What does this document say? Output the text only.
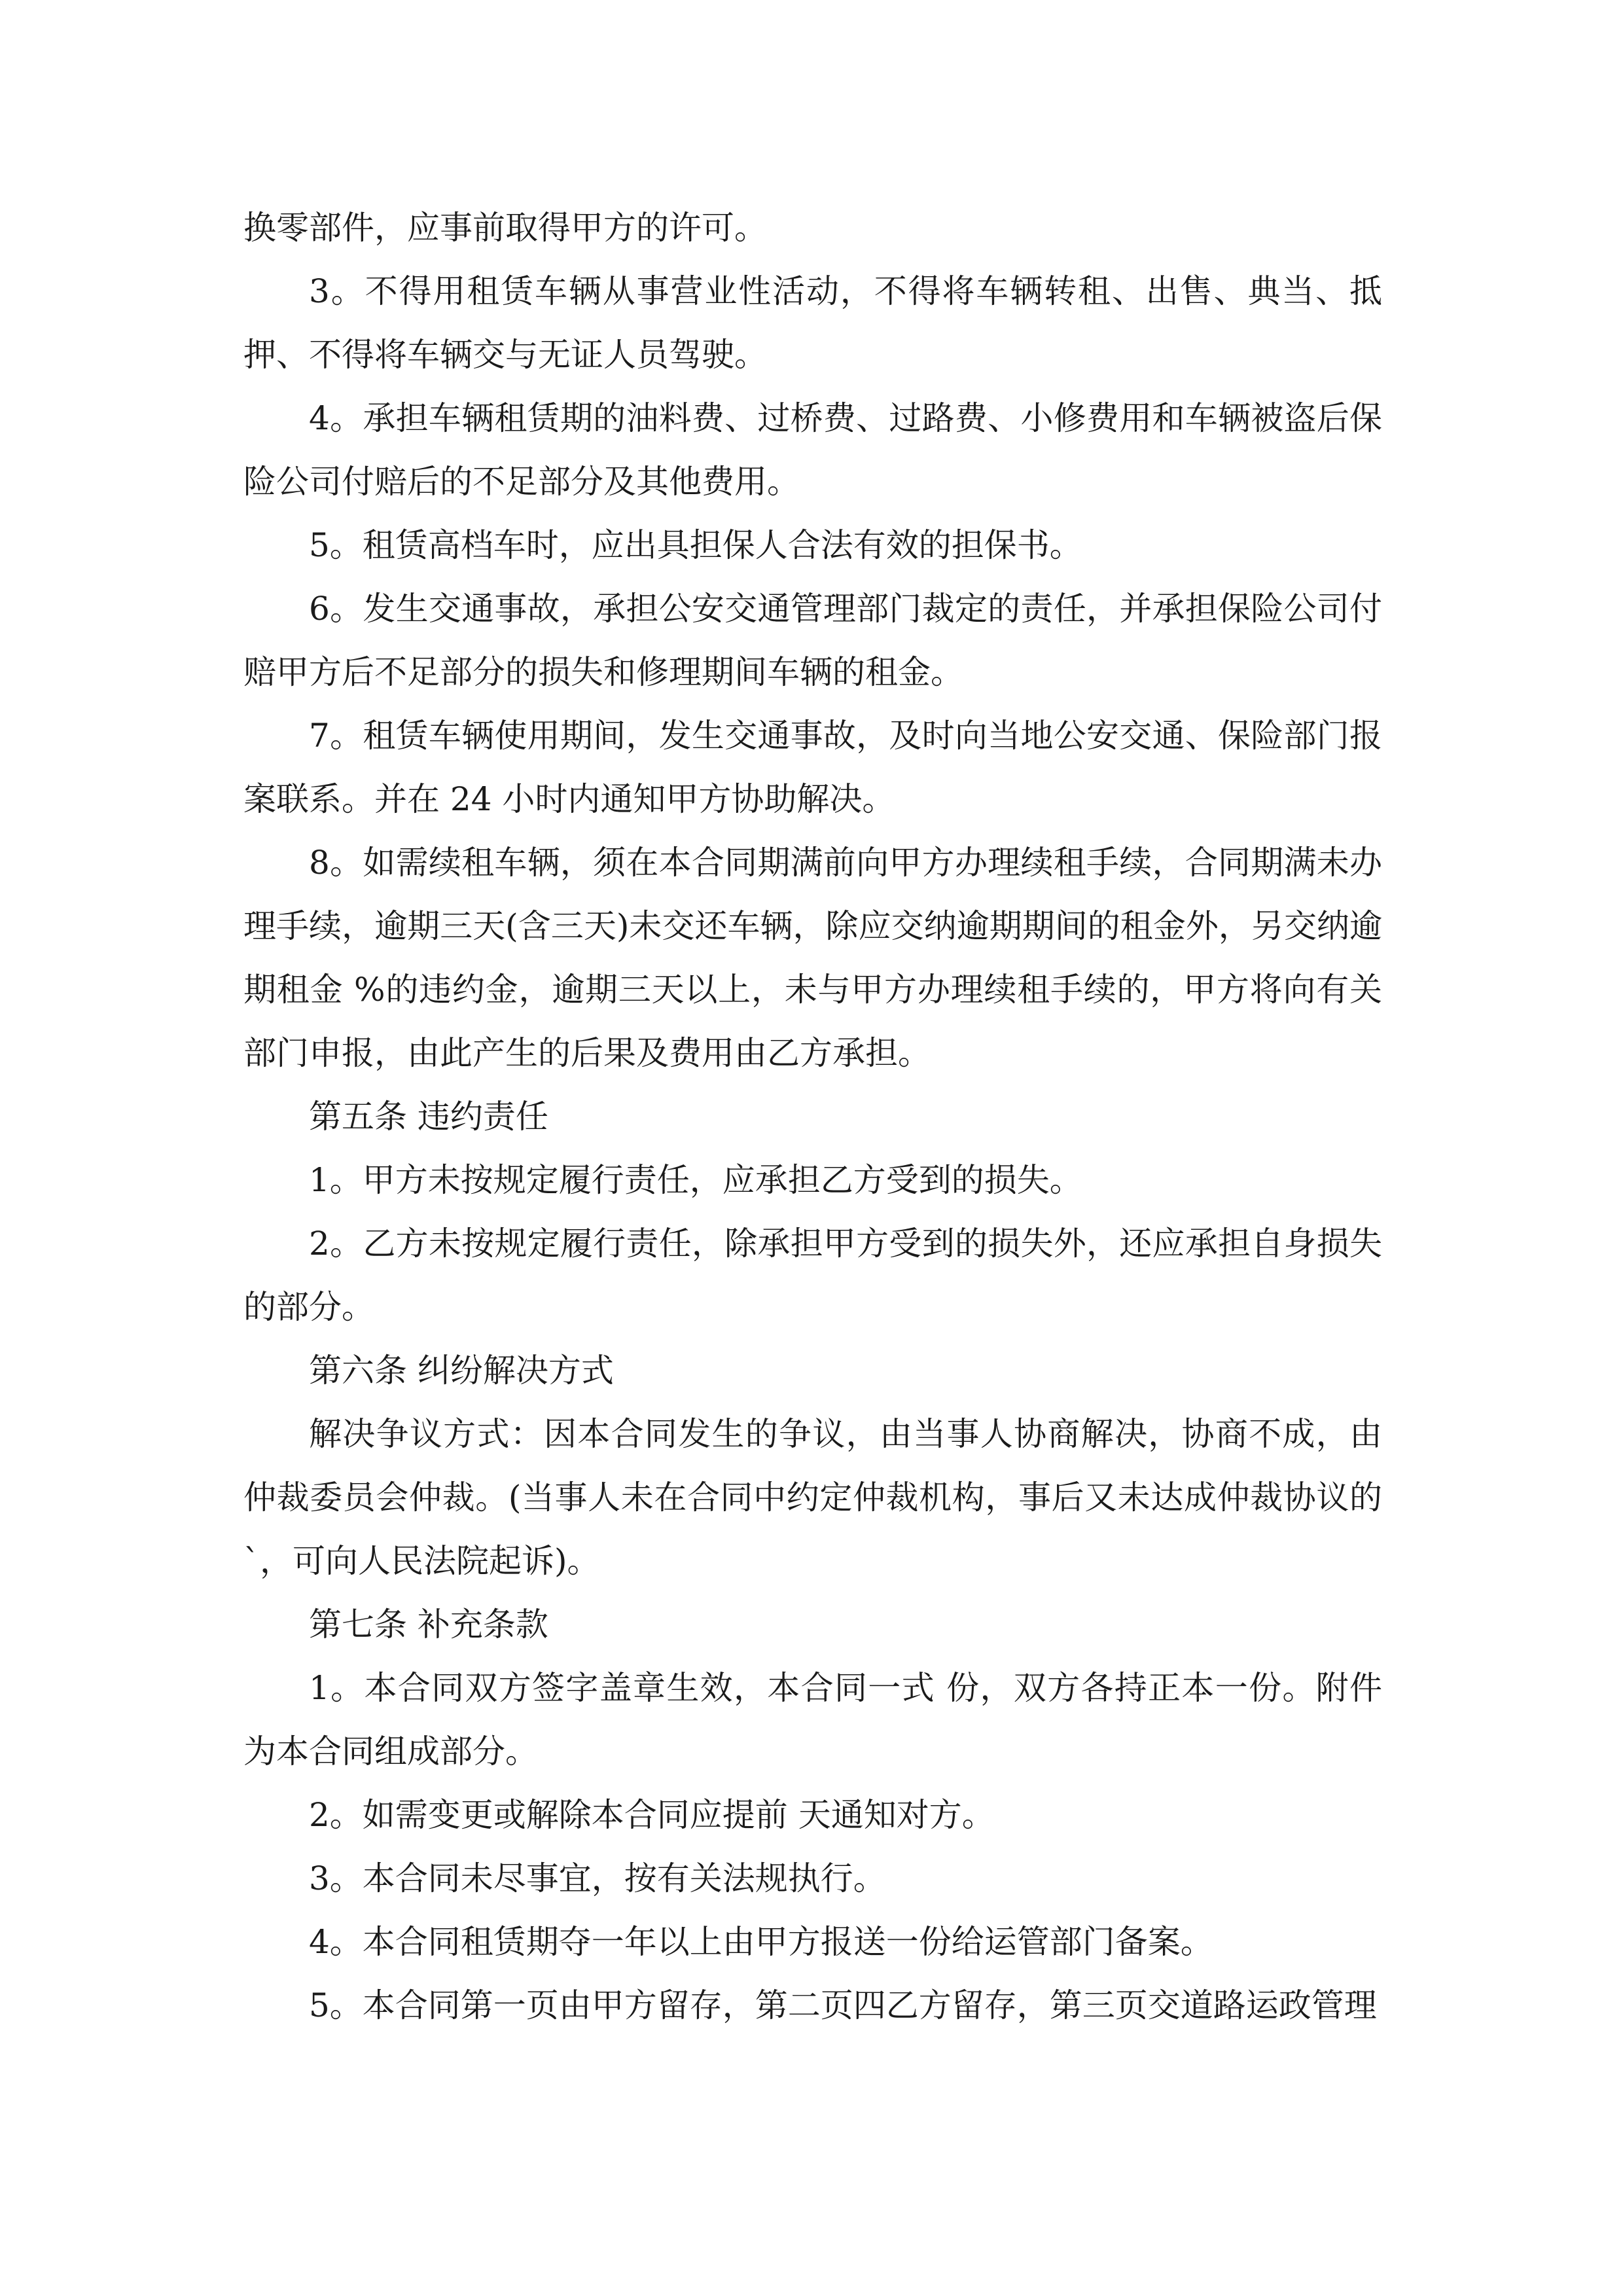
换零部件，应事前取得甲方的许可。

3。不得用租赁车辆从事营业性活动，不得将车辆转租、出售、典当、抵押、不得将车辆交与无证人员驾驶。

4。承担车辆租赁期的油料费、过桥费、过路费、小修费用和车辆被盗后保险公司付赔后的不足部分及其他费用。

5。租赁高档车时，应出具担保人合法有效的担保书。

6。发生交通事故，承担公安交通管理部门裁定的责任，并承担保险公司付赔甲方后不足部分的损失和修理期间车辆的租金。

7。租赁车辆使用期间，发生交通事故，及时向当地公安交通、保险部门报案联系。并在 24 小时内通知甲方协助解决。

8。如需续租车辆，须在本合同期满前向甲方办理续租手续，合同期满未办理手续，逾期三天(含三天)未交还车辆，除应交纳逾期期间的租金外，另交纳逾期租金 %的违约金，逾期三天以上，未与甲方办理续租手续的，甲方将向有关部门申报，由此产生的后果及费用由乙方承担。

第五条 违约责任

1。甲方未按规定履行责任，应承担乙方受到的损失。

2。乙方未按规定履行责任，除承担甲方受到的损失外，还应承担自身损失的部分。

第六条 纠纷解决方式

解决争议方式：因本合同发生的争议，由当事人协商解决，协商不成，由仲裁委员会仲裁。(当事人未在合同中约定仲裁机构，事后又未达成仲裁协议的`，可向人民法院起诉)。

第七条 补充条款

1。本合同双方签字盖章生效，本合同一式 份，双方各持正本一份。附件为本合同组成部分。

2。如需变更或解除本合同应提前 天通知对方。

3。本合同未尽事宜，按有关法规执行。

4。本合同租赁期夺一年以上由甲方报送一份给运管部门备案。

5。本合同第一页由甲方留存，第二页四乙方留存，第三页交道路运政管理
